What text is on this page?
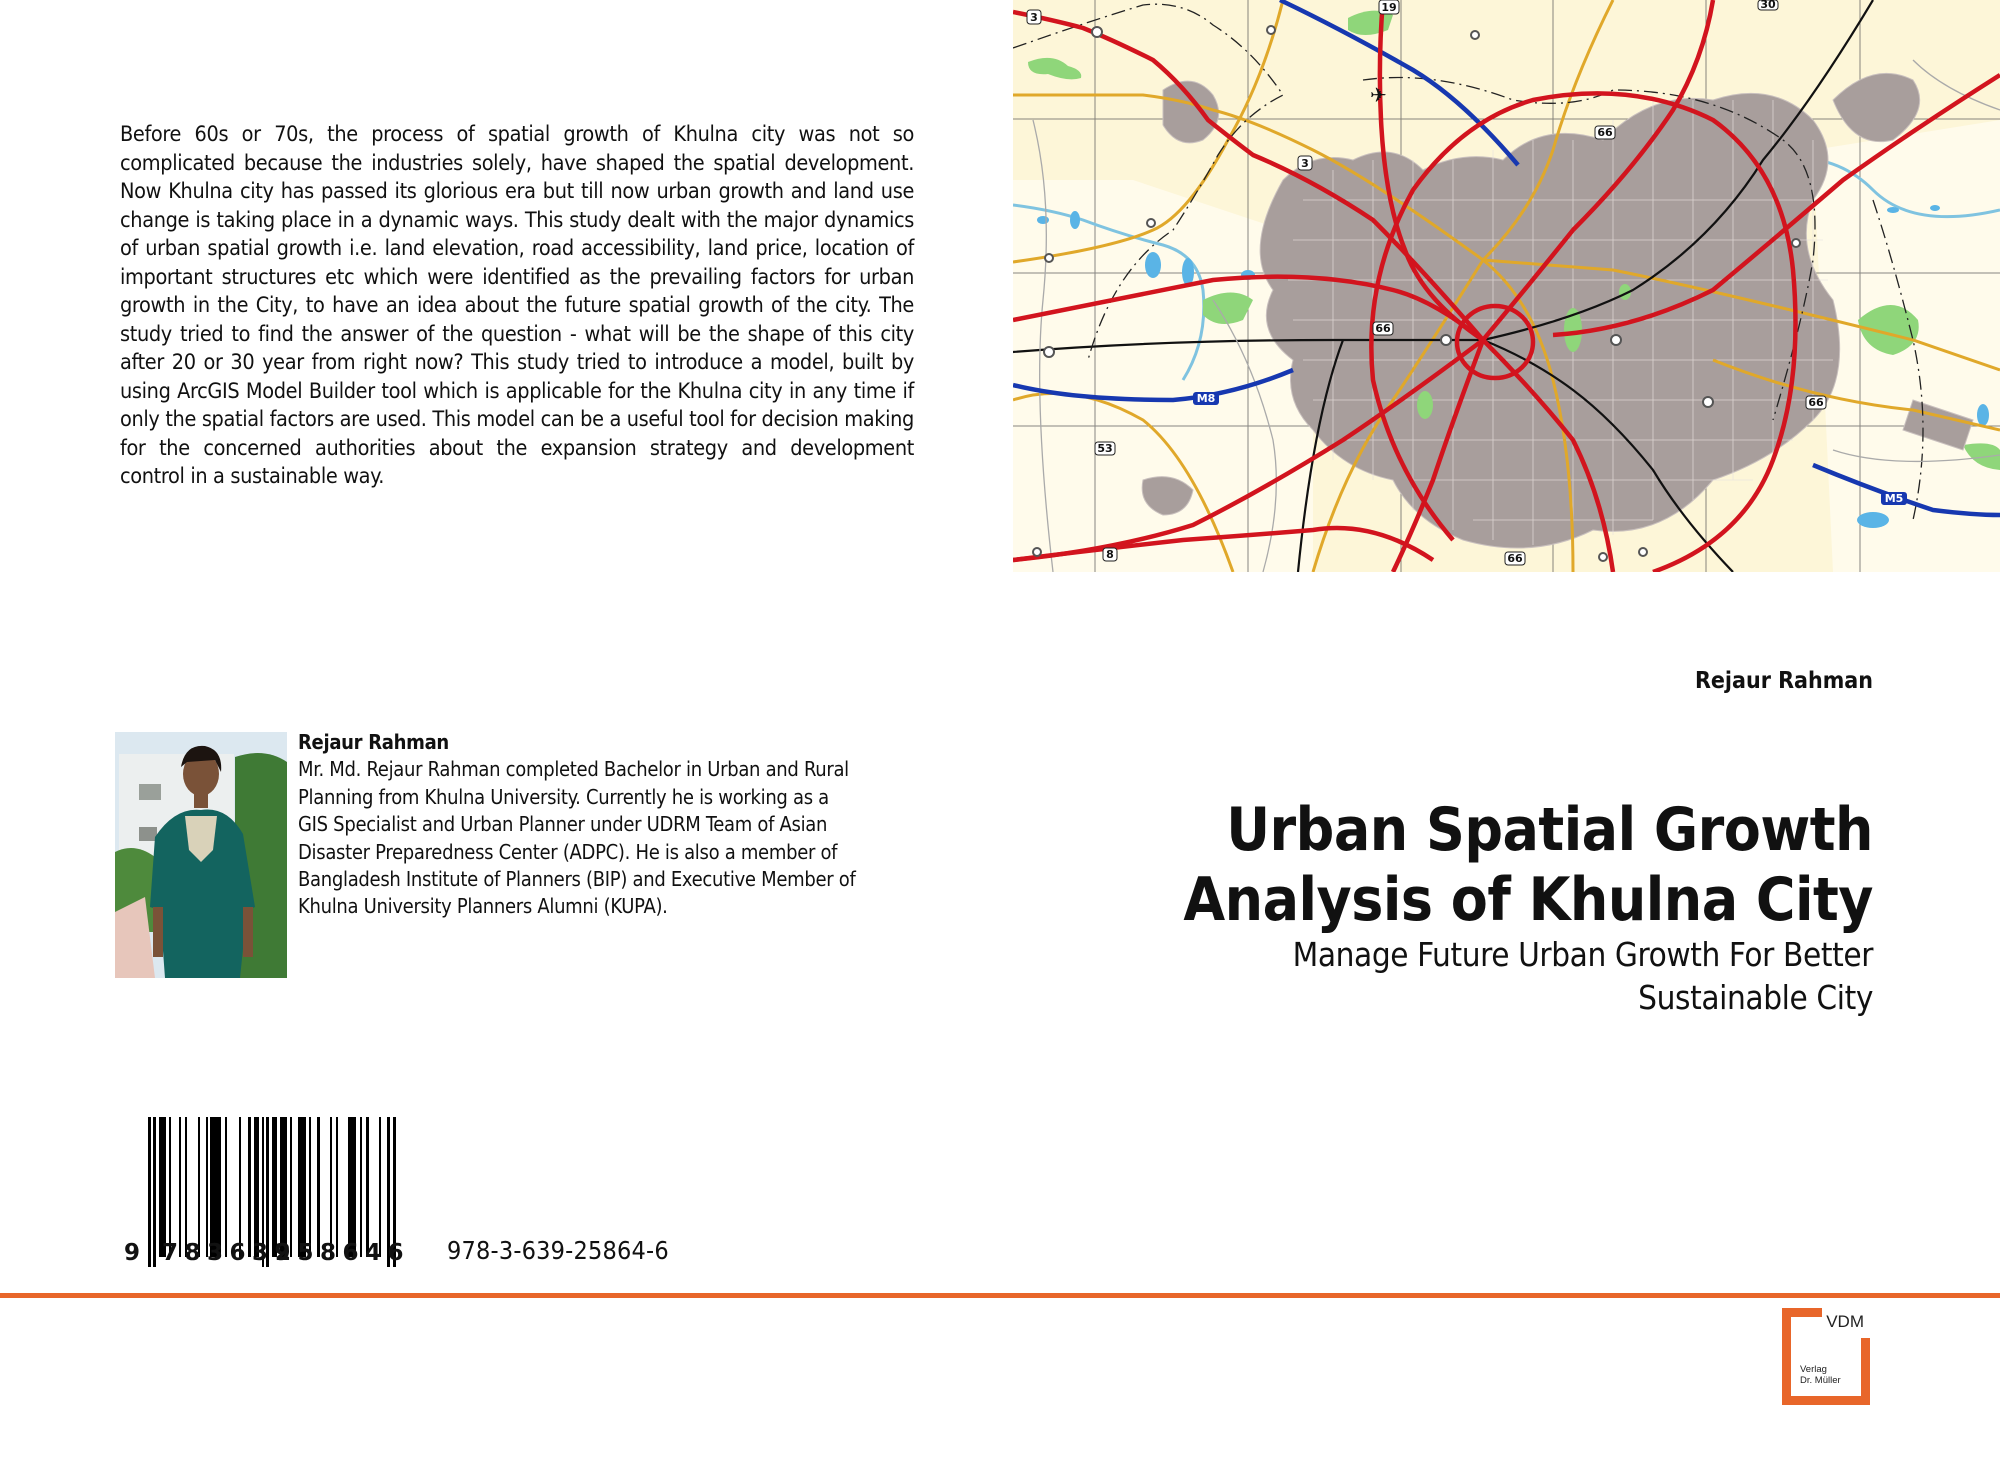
Before 60s or 70s, the process of spatial growth of Khulna city was not so complicated because the industries solely, have shaped the spatial development. Now Khulna city has passed its glorious era but till now urban growth and land use change is taking place in a dynamic ways. This study dealt with the major dynamics of urban spatial growth i.e. land elevation, road accessibility, land price, location of important structures etc which were identified as the prevailing factors for urban growth in the City, to have an idea about the future spatial growth of the city. The study tried to find the answer of the question - what will be the shape of this city after 20 or 30 year from right now? This study tried to introduce a model, built by using ArcGIS Model Builder tool which is applicable for the Khulna city in any time if only the spatial factors are used. This model can be a useful tool for decision making for the concerned authorities about the expansion strategy and development control in a sustainable way.
Rejaur Rahman
Mr. Md. Rejaur Rahman completed Bachelor in Urban and Rural Planning from Khulna University. Currently he is working as a GIS Specialist and Urban Planner under UDRM Team of Asian Disaster Preparedness Center (ADPC). He is also a member of Bangladesh Institute of Planners (BIP) and Executive Member of Khulna University Planners Alumni (KUPA).
9 783639
258646 978-3-639-25864-6
✈
3
19	30
3
66
66
66
M8
53
8	66
M5
Rejaur Rahman
Urban Spatial Growth
Analysis of Khulna City
Manage Future Urban Growth For Better
Sustainable City
VDM
Verlag
Dr. Müller
